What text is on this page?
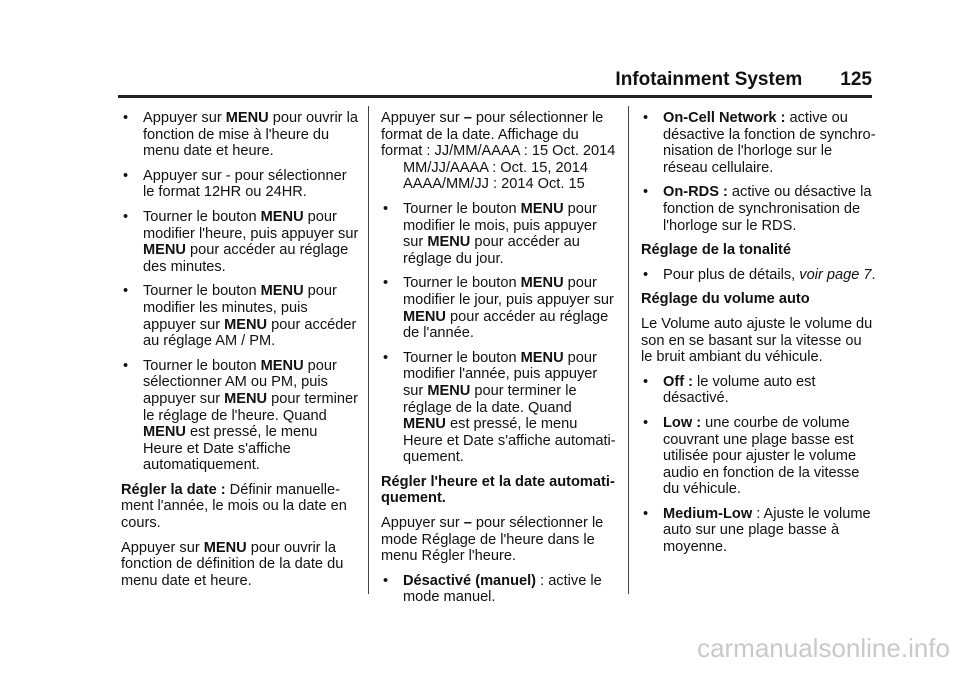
Infotainment System 125
• Appuyer sur MENU pour ouvrir la fonction de mise à l'heure du menu date et heure.
• Appuyer sur - pour sélectionner le format 12HR ou 24HR.
• Tourner le bouton MENU pour modifier l'heure, puis appuyer sur MENU pour accéder au réglage des minutes.
• Tourner le bouton MENU pour modifier les minutes, puis appuyer sur MENU pour accéder au réglage AM / PM.
• Tourner le bouton MENU pour sélectionner AM ou PM, puis appuyer sur MENU pour terminer le réglage de l'heure. Quand MENU est pressé, le menu Heure et Date s'affiche automatiquement.

Régler la date : Définir manuellement l'année, le mois ou la date en cours.

Appuyer sur MENU pour ouvrir la fonction de définition de la date du menu date et heure.

Appuyer sur – pour sélectionner le format de la date. Affichage du format : JJ/MM/AAAA : 15 Oct. 2014

MM/JJ/AAAA : Oct. 15, 2014
AAAA/MM/JJ : 2014 Oct. 15
• Tourner le bouton MENU pour modifier le mois, puis appuyer sur MENU pour accéder au réglage du jour.
• Tourner le bouton MENU pour modifier le jour, puis appuyer sur MENU pour accéder au réglage de l'année.
• Tourner le bouton MENU pour modifier l'année, puis appuyer sur MENU pour terminer le réglage de la date. Quand MENU est pressé, le menu Heure et Date s'affiche automatiquement.
Régler l'heure et la date automatiquement.

Appuyer sur – pour sélectionner le mode Réglage de l'heure dans le menu Régler l'heure.

• Désactivé (manuel) : active le mode manuel.
• On-Cell Network : active ou désactive la fonction de synchronisation de l'horloge sur le réseau cellulaire.
• On-RDS : active ou désactive la fonction de synchronisation de l'horloge sur le RDS.
Réglage de la tonalité
• Pour plus de détails, voir page 7.
Réglage du volume auto

Le Volume auto ajuste le volume du son en se basant sur la vitesse ou le bruit ambiant du véhicule.

• Off : le volume auto est désactivé.
• Low : une courbe de volume couvrant une plage basse est utilisée pour ajuster le volume audio en fonction de la vitesse du véhicule.
• Medium-Low : Ajuste le volume auto sur une plage basse à moyenne.
carmanualsonline.info
